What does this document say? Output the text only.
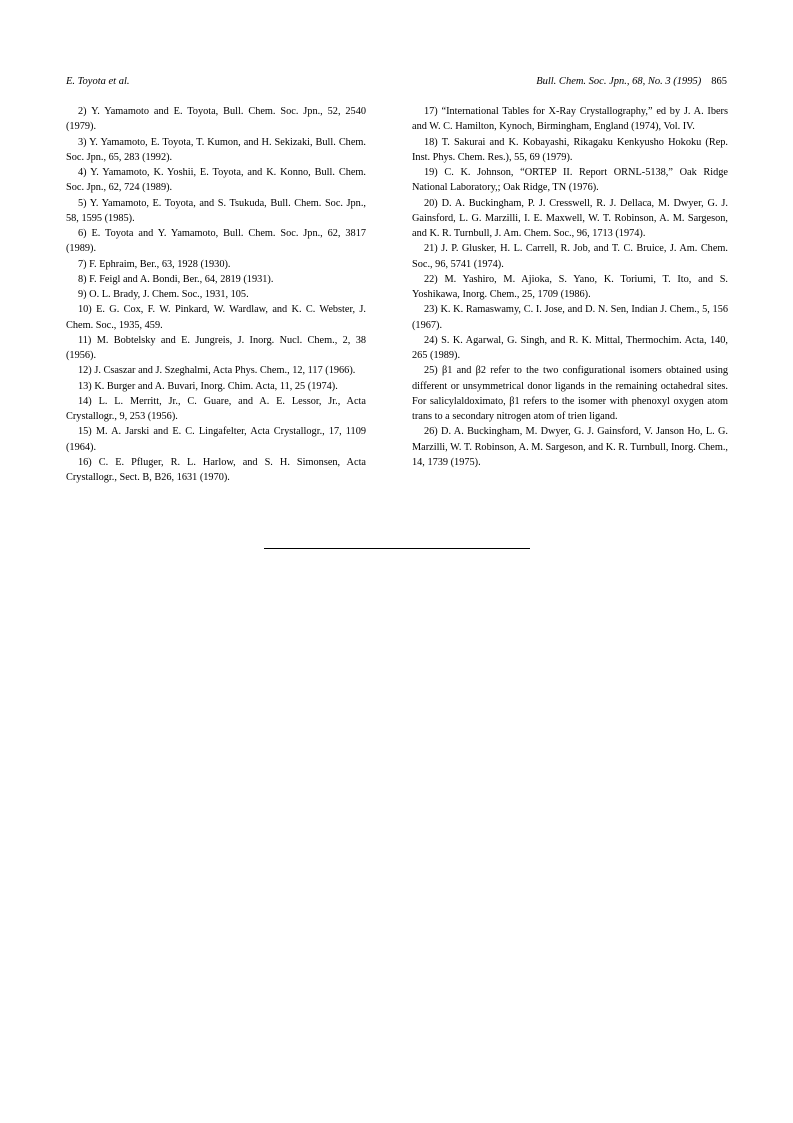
E. Toyota et al.	Bull. Chem. Soc. Jpn., 68, No. 3 (1995) 865

2) Y. Yamamoto and E. Toyota, Bull. Chem. Soc. Jpn., 52, 2540 (1979).

3) Y. Yamamoto, E. Toyota, T. Kumon, and H. Sekizaki, Bull. Chem. Soc. Jpn., 65, 283 (1992).

4) Y. Yamamoto, K. Yoshii, E. Toyota, and K. Konno, Bull. Chem. Soc. Jpn., 62, 724 (1989).

5) Y. Yamamoto, E. Toyota, and S. Tsukuda, Bull. Chem. Soc. Jpn., 58, 1595 (1985).

6) E. Toyota and Y. Yamamoto, Bull. Chem. Soc. Jpn., 62, 3817 (1989).

7) F. Ephraim, Ber., 63, 1928 (1930).

8) F. Feigl and A. Bondi, Ber., 64, 2819 (1931).

9) O. L. Brady, J. Chem. Soc., 1931, 105.

10) E. G. Cox, F. W. Pinkard, W. Wardlaw, and K. C. Webster, J. Chem. Soc., 1935, 459.

11) M. Bobtelsky and E. Jungreis, J. Inorg. Nucl. Chem., 2, 38 (1956).

12) J. Csaszar and J. Szeghalmi, Acta Phys. Chem., 12, 117 (1966).

13) K. Burger and A. Buvari, Inorg. Chim. Acta, 11, 25 (1974).

14) L. L. Merritt, Jr., C. Guare, and A. E. Lessor, Jr., Acta Crystallogr., 9, 253 (1956).

15) M. A. Jarski and E. C. Lingafelter, Acta Crystallogr., 17, 1109 (1964).

16) C. E. Pfluger, R. L. Harlow, and S. H. Simonsen, Acta Crystallogr., Sect. B, B26, 1631 (1970).

17) “International Tables for X-Ray Crystallography,” ed by J. A. Ibers and W. C. Hamilton, Kynoch, Birmingham, England (1974), Vol. IV.

18) T. Sakurai and K. Kobayashi, Rikagaku Kenkyusho Hokoku (Rep. Inst. Phys. Chem. Res.), 55, 69 (1979).

19) C. K. Johnson, “ORTEP II. Report ORNL-5138,” Oak Ridge National Laboratory,; Oak Ridge, TN (1976).

20) D. A. Buckingham, P. J. Cresswell, R. J. Dellaca, M. Dwyer, G. J. Gainsford, L. G. Marzilli, I. E. Maxwell, W. T. Robinson, A. M. Sargeson, and K. R. Turnbull, J. Am. Chem. Soc., 96, 1713 (1974).

21) J. P. Glusker, H. L. Carrell, R. Job, and T. C. Bruice, J. Am. Chem. Soc., 96, 5741 (1974).

22) M. Yashiro, M. Ajioka, S. Yano, K. Toriumi, T. Ito, and S. Yoshikawa, Inorg. Chem., 25, 1709 (1986).

23) K. K. Ramaswamy, C. I. Jose, and D. N. Sen, Indian J. Chem., 5, 156 (1967).

24) S. K. Agarwal, G. Singh, and R. K. Mittal, Thermochim. Acta, 140, 265 (1989).

25) β1 and β2 refer to the two configurational isomers obtained using different or unsymmetrical donor ligands in the remaining octahedral sites. For salicylaldoximato, β1 refers to the isomer with phenoxyl oxygen atom trans to a secondary nitrogen atom of trien ligand.

26) D. A. Buckingham, M. Dwyer, G. J. Gainsford, V. Janson Ho, L. G. Marzilli, W. T. Robinson, A. M. Sargeson, and K. R. Turnbull, Inorg. Chem., 14, 1739 (1975).
